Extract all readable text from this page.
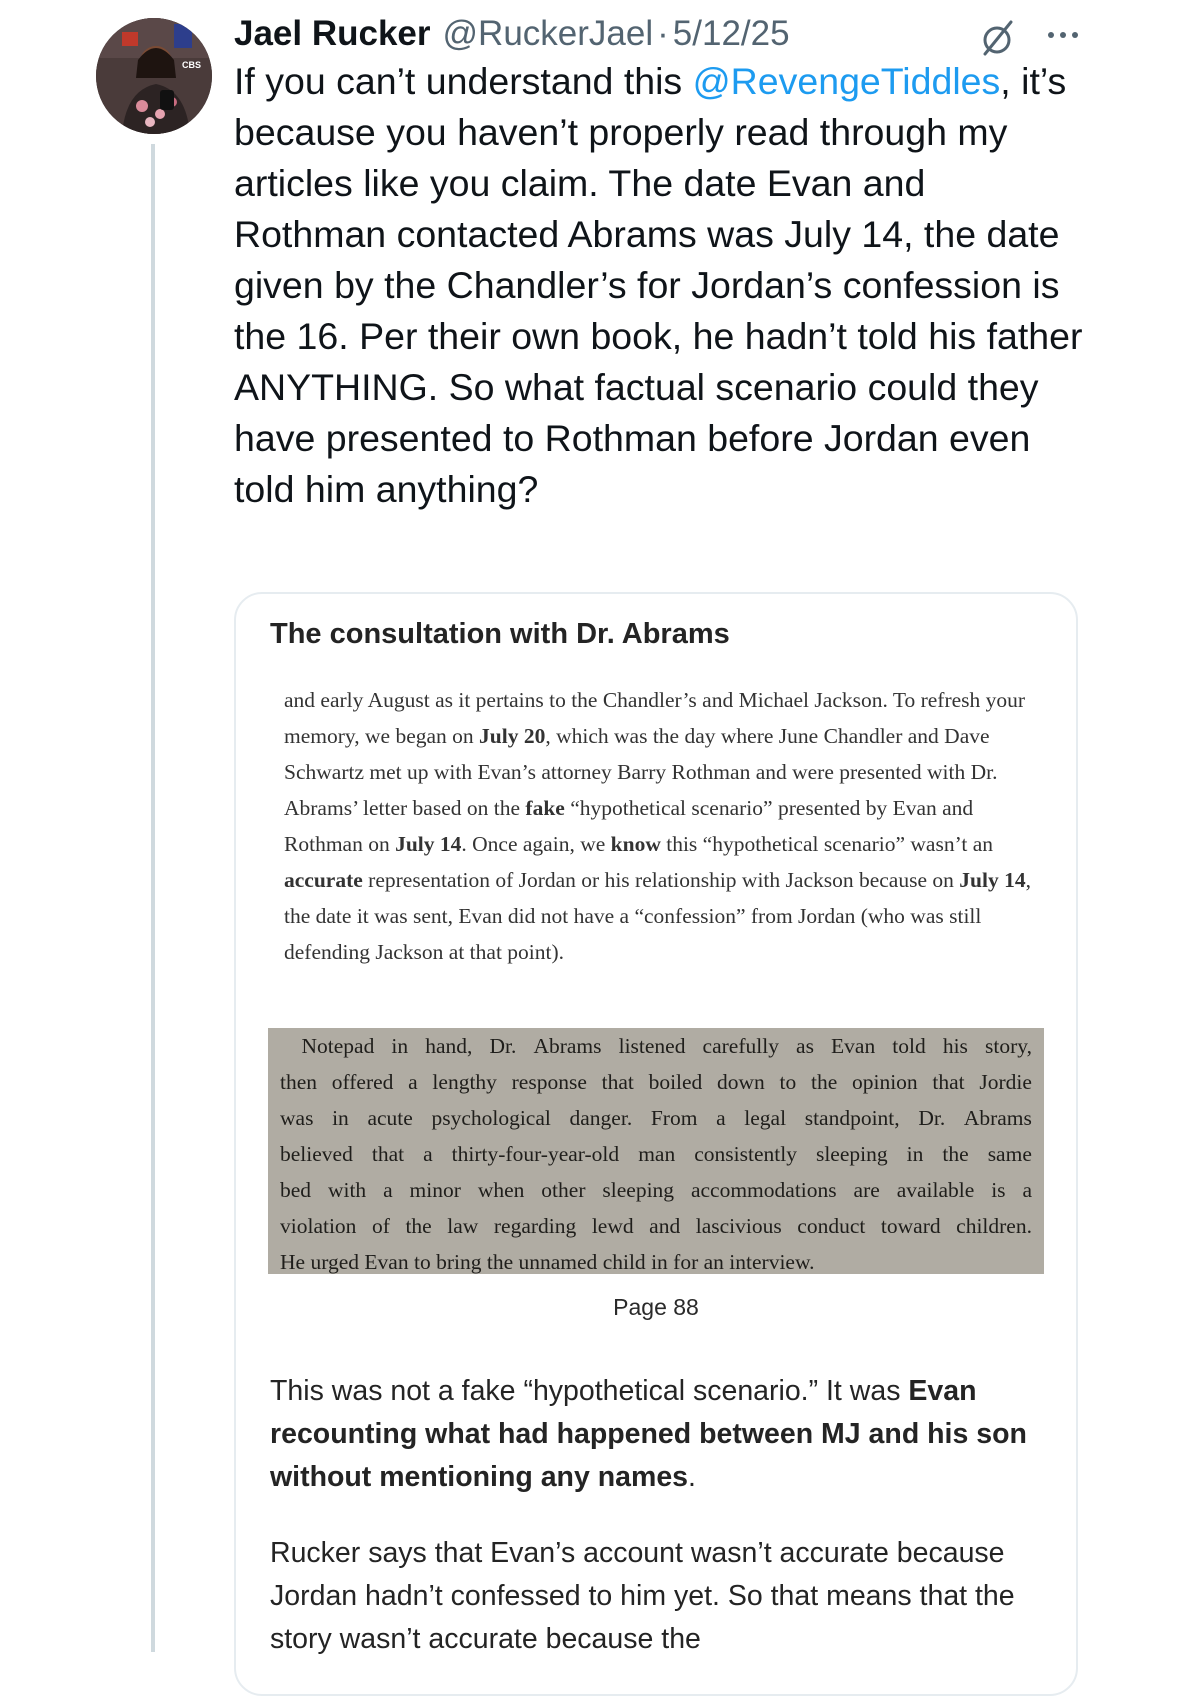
CBS
Jael Rucker @RuckerJael · 5/12/25
If you can’t understand this @RevengeTiddles, it’s because you haven’t properly read through my articles like you claim. The date Evan and Rothman contacted Abrams was July 14, the date given by the Chandler’s for Jordan’s confession is the 16. Per their own book, he hadn’t told his father ANYTHING. So what factual scenario could they have presented to Rothman before Jordan even told him anything?
The consultation with Dr. Abrams
and early August as it pertains to the Chandler’s and Michael Jackson. To refresh your memory, we began on July 20, which was the day where June Chandler and Dave Schwartz met up with Evan’s attorney Barry Rothman and were presented with Dr. Abrams’ letter based on the fake “hypothetical scenario” presented by Evan and Rothman on July 14. Once again, we know this “hypothetical scenario” wasn’t an accurate representation of Jordan or his relationship with Jackson because on July 14, the date it was sent, Evan did not have a “confession” from Jordan (who was still defending Jackson at that point).
 Notepad in hand, Dr. Abrams listened carefully as Evan told his story,
then offered a lengthy response that boiled down to the opinion that Jordie
was in acute psychological danger. From a legal standpoint, Dr. Abrams
believed that a thirty-four-year-old man consistently sleeping in the same
bed with a minor when other sleeping accommodations are available is a
violation of the law regarding lewd and lascivious conduct toward children.
He urged Evan to bring the unnamed child in for an interview.
Page 88
This was not a fake “hypothetical scenario.” It was Evan recounting what had happened between MJ and his son without mentioning any names.
Rucker says that Evan’s account wasn’t accurate because Jordan hadn’t confessed to him yet. So that means that the story wasn’t accurate because the
